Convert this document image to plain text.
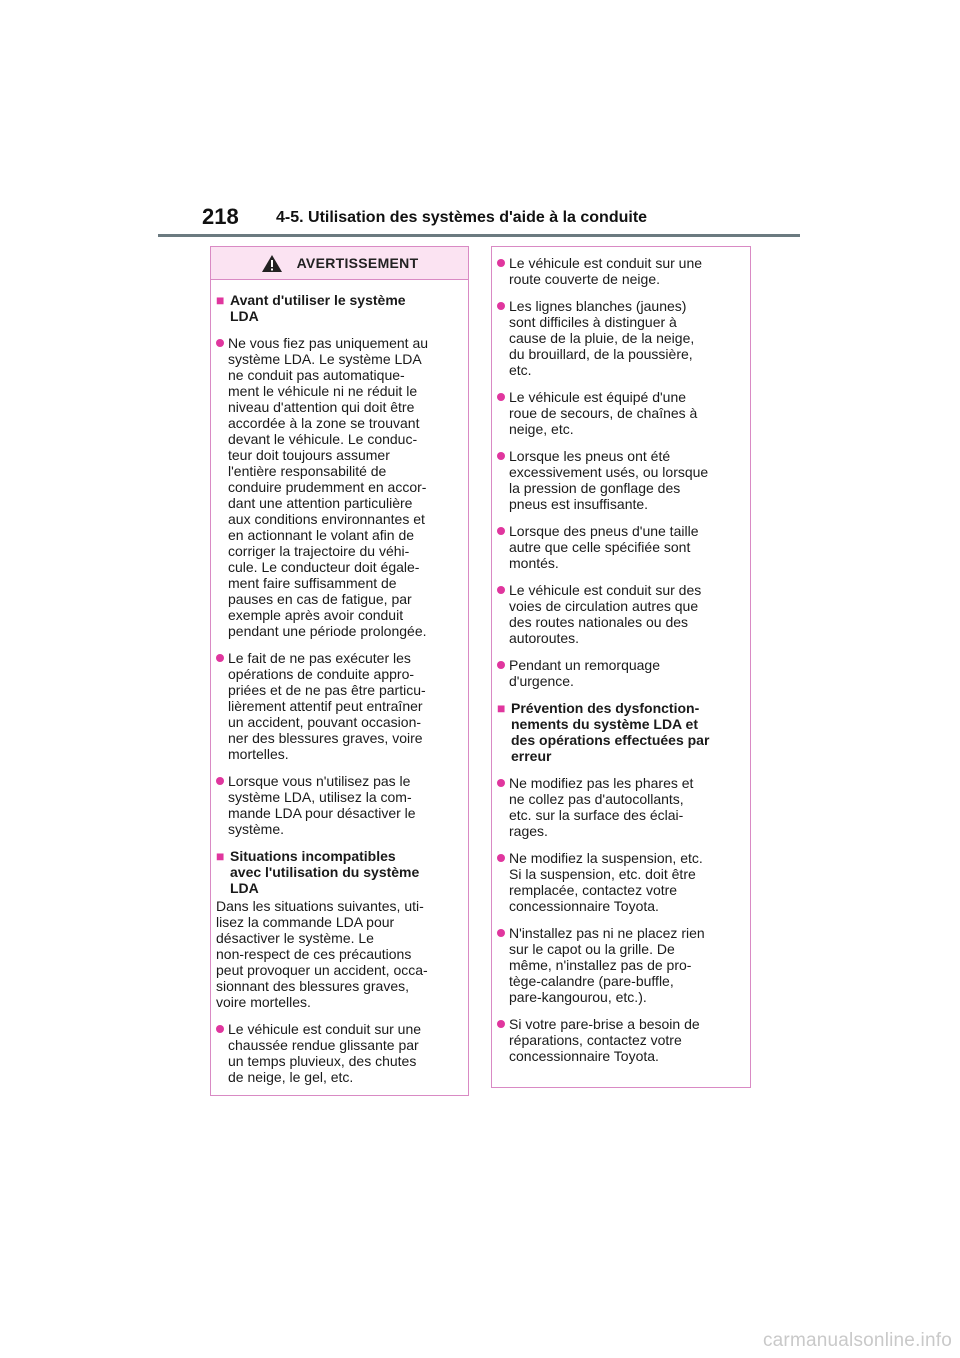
218 4-5. Utilisation des systèmes d'aide à la conduite
AVERTISSEMENT
■ Avant d'utiliser le système
LDA
Ne vous fiez pas uniquement au
système LDA. Le système LDA
ne conduit pas automatique-
ment le véhicule ni ne réduit le
niveau d'attention qui doit être
accordée à la zone se trouvant
devant le véhicule. Le conduc-
teur doit toujours assumer
l'entière responsabilité de
conduire prudemment en accor-
dant une attention particulière
aux conditions environnantes et
en actionnant le volant afin de
corriger la trajectoire du véhi-
cule. Le conducteur doit égale-
ment faire suffisamment de
pauses en cas de fatigue, par
exemple après avoir conduit
pendant une période prolongée.
Le fait de ne pas exécuter les
opérations de conduite appro-
priées et de ne pas être particu-
lièrement attentif peut entraîner
un accident, pouvant occasion-
ner des blessures graves, voire
mortelles.
Lorsque vous n'utilisez pas le
système LDA, utilisez la com-
mande LDA pour désactiver le
système.
■ Situations incompatibles
avec l'utilisation du système
LDA
Dans les situations suivantes, uti-
lisez la commande LDA pour
désactiver le système. Le
non-respect de ces précautions
peut provoquer un accident, occa-
sionnant des blessures graves,
voire mortelles.
Le véhicule est conduit sur une
chaussée rendue glissante par
un temps pluvieux, des chutes
de neige, le gel, etc.
Le véhicule est conduit sur une
route couverte de neige.
Les lignes blanches (jaunes)
sont difficiles à distinguer à
cause de la pluie, de la neige,
du brouillard, de la poussière,
etc.
Le véhicule est équipé d'une
roue de secours, de chaînes à
neige, etc.
Lorsque les pneus ont été
excessivement usés, ou lorsque
la pression de gonflage des
pneus est insuffisante.
Lorsque des pneus d'une taille
autre que celle spécifiée sont
montés.
Le véhicule est conduit sur des
voies de circulation autres que
des routes nationales ou des
autoroutes.
Pendant un remorquage
d'urgence.
■ Prévention des dysfonction-
nements du système LDA et
des opérations effectuées par
erreur
Ne modifiez pas les phares et
ne collez pas d'autocollants,
etc. sur la surface des éclai-
rages.
Ne modifiez la suspension, etc.
Si la suspension, etc. doit être
remplacée, contactez votre
concessionnaire Toyota.
N'installez pas ni ne placez rien
sur le capot ou la grille. De
même, n'installez pas de pro-
tège-calandre (pare-buffle,
pare-kangourou, etc.).
Si votre pare-brise a besoin de
réparations, contactez votre
concessionnaire Toyota.
carmanualsonline.info
